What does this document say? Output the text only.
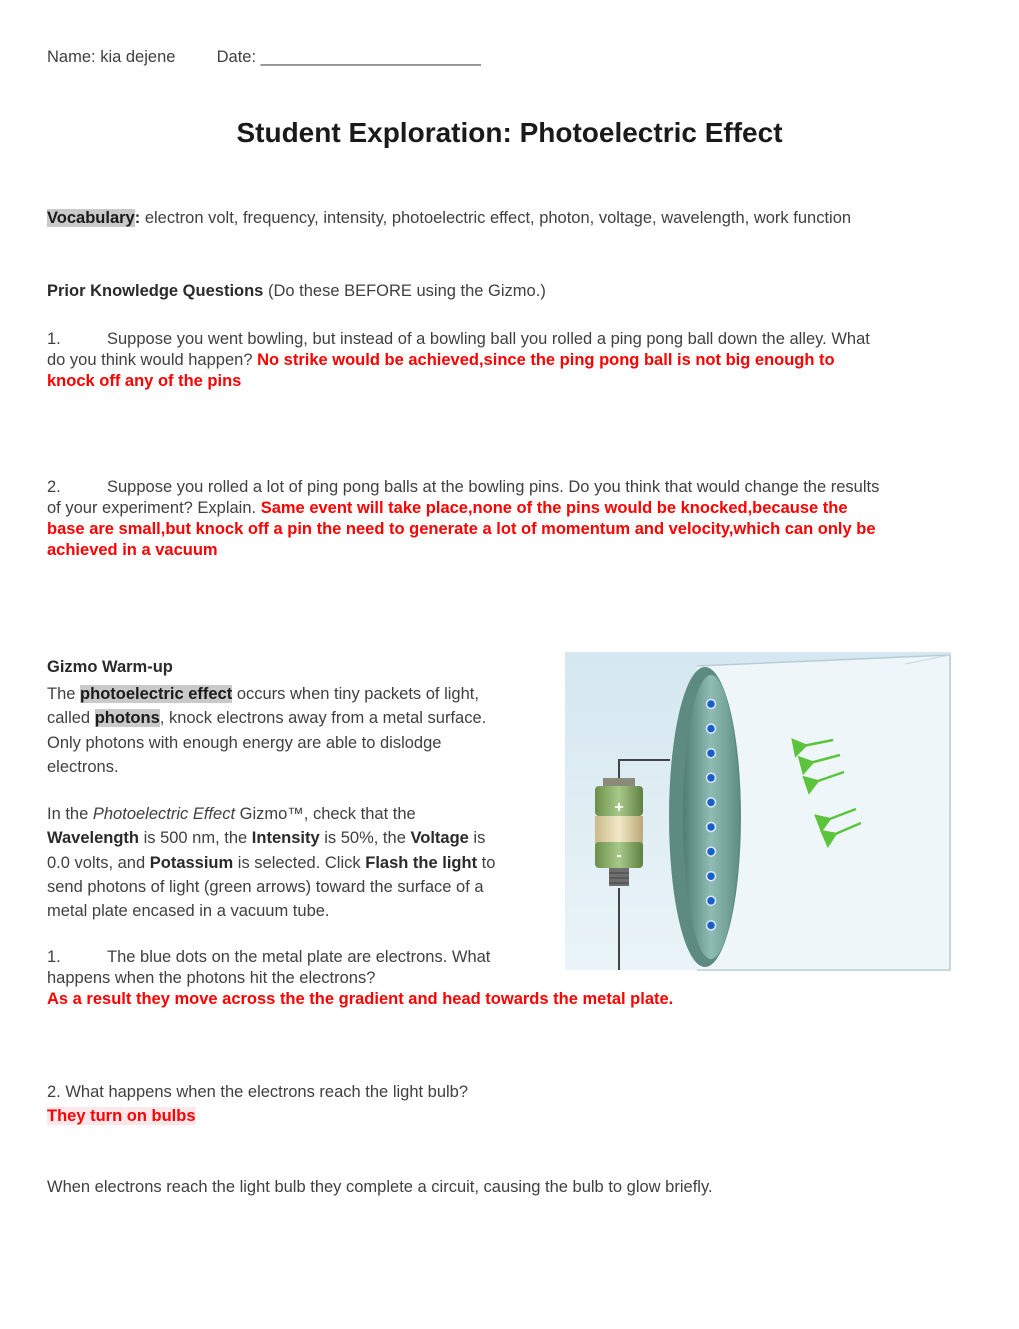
Name: kia dejene Date: ________________________
Student Exploration: Photoelectric Effect
Vocabulary: electron volt, frequency, intensity, photoelectric effect, photon, voltage, wavelength, work function
Prior Knowledge Questions (Do these BEFORE using the Gizmo.)
1.	Suppose you went bowling, but instead of a bowling ball you rolled a ping pong ball down the alley. What
do you think would happen? No strike would be achieved,since the ping pong ball is not big enough to
knock off any of the pins
2.	Suppose you rolled a lot of ping pong balls at the bowling pins. Do you think that would change the results
of your experiment? Explain. Same event will take place,none of the pins would be knocked,because the
base are small,but knock off a pin the need to generate a lot of momentum and velocity,which can only be
achieved in a vacuum
Gizmo Warm-up
The photoelectric effect occurs when tiny packets of light,
called photons, knock electrons away from a metal surface.
Only photons with enough energy are able to dislodge
electrons.
In the Photoelectric Effect Gizmo™, check that the
Wavelength is 500 nm, the Intensity is 50%, the Voltage is
0.0 volts, and Potassium is selected. Click Flash the light to
send photons of light (green arrows) toward the surface of a
metal plate encased in a vacuum tube.
1.	The blue dots on the metal plate are electrons. What
happens when the photons hit the electrons?
As a result they move across the the gradient and head towards the metal plate.
2. What happens when the electrons reach the light bulb?
They turn on bulbs
When electrons reach the light bulb they complete a circuit, causing the bulb to glow briefly.
+
-
